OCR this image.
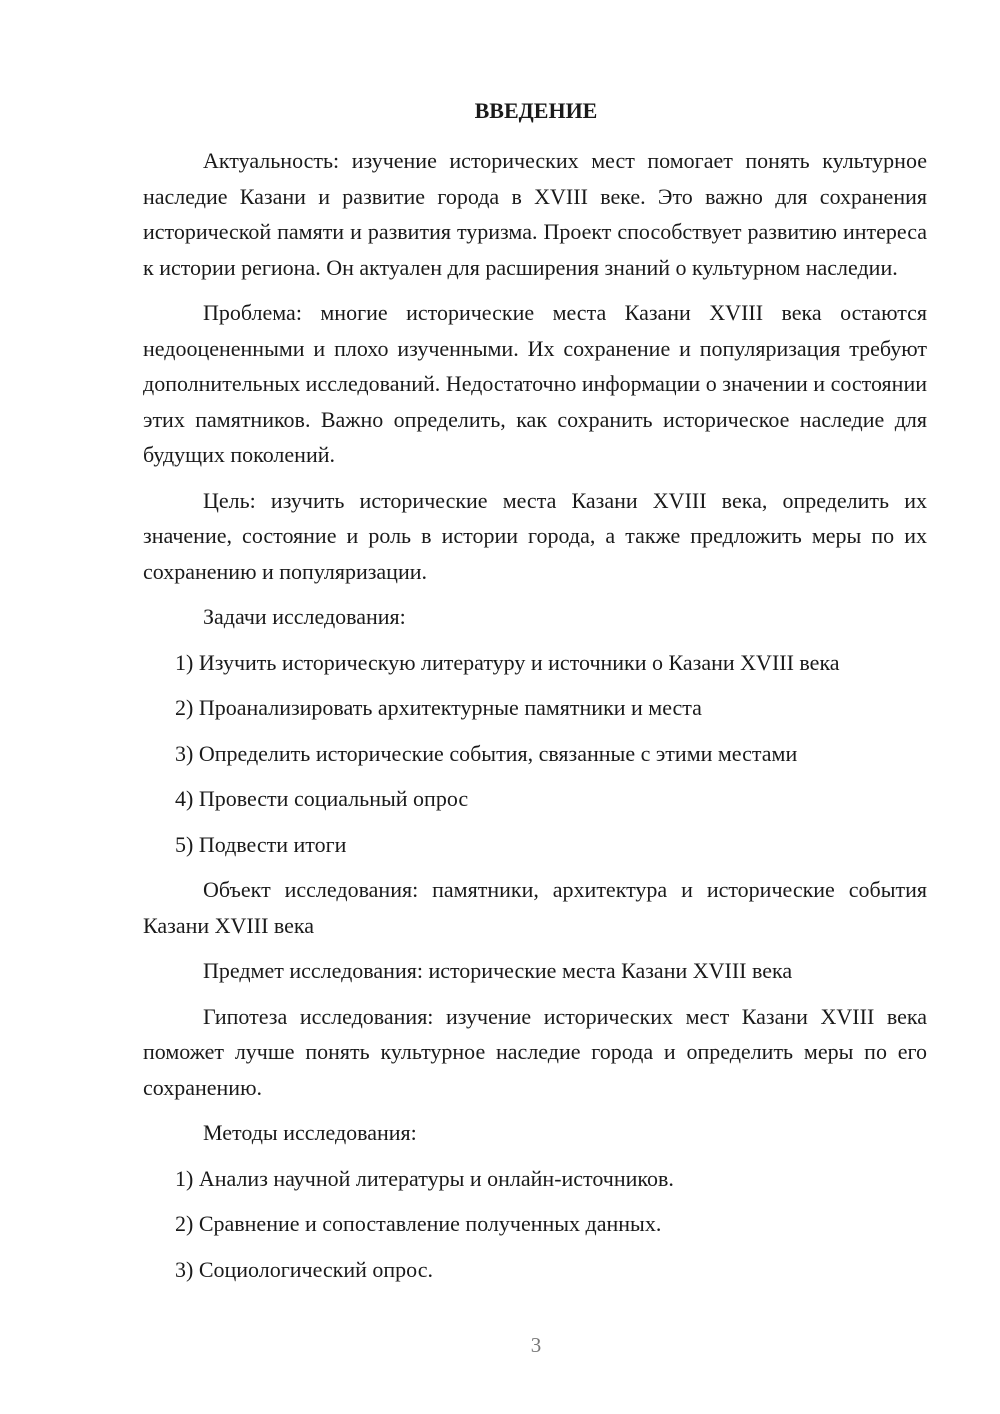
ВВЕДЕНИЕ

Актуальность: изучение исторических мест помогает понять культурное наследие Казани и развитие города в XVIII веке. Это важно для сохранения исторической памяти и развития туризма. Проект способствует развитию интереса к истории региона. Он актуален для расширения знаний о культурном наследии.

Проблема: многие исторические места Казани XVIII века остаются недооцененными и плохо изученными. Их сохранение и популяризация требуют дополнительных исследований. Недостаточно информации о значении и состоянии этих памятников. Важно определить, как сохранить историческое наследие для будущих поколений.

Цель: изучить исторические места Казани XVIII века, определить их значение, состояние и роль в истории города, а также предложить меры по их сохранению и популяризации.

Задачи исследования:

1) Изучить историческую литературу и источники о Казани XVIII века

2) Проанализировать архитектурные памятники и места

3) Определить исторические события, связанные с этими местами

4) Провести социальный опрос

5) Подвести итоги

Объект исследования: памятники, архитектура и исторические события Казани XVIII века

Предмет исследования: исторические места Казани XVIII века

Гипотеза исследования: изучение исторических мест Казани XVIII века поможет лучше понять культурное наследие города и определить меры по его сохранению.

Методы исследования:

1) Анализ научной литературы и онлайн-источников.

2) Сравнение и сопоставление полученных данных.

3) Социологический опрос.

3
